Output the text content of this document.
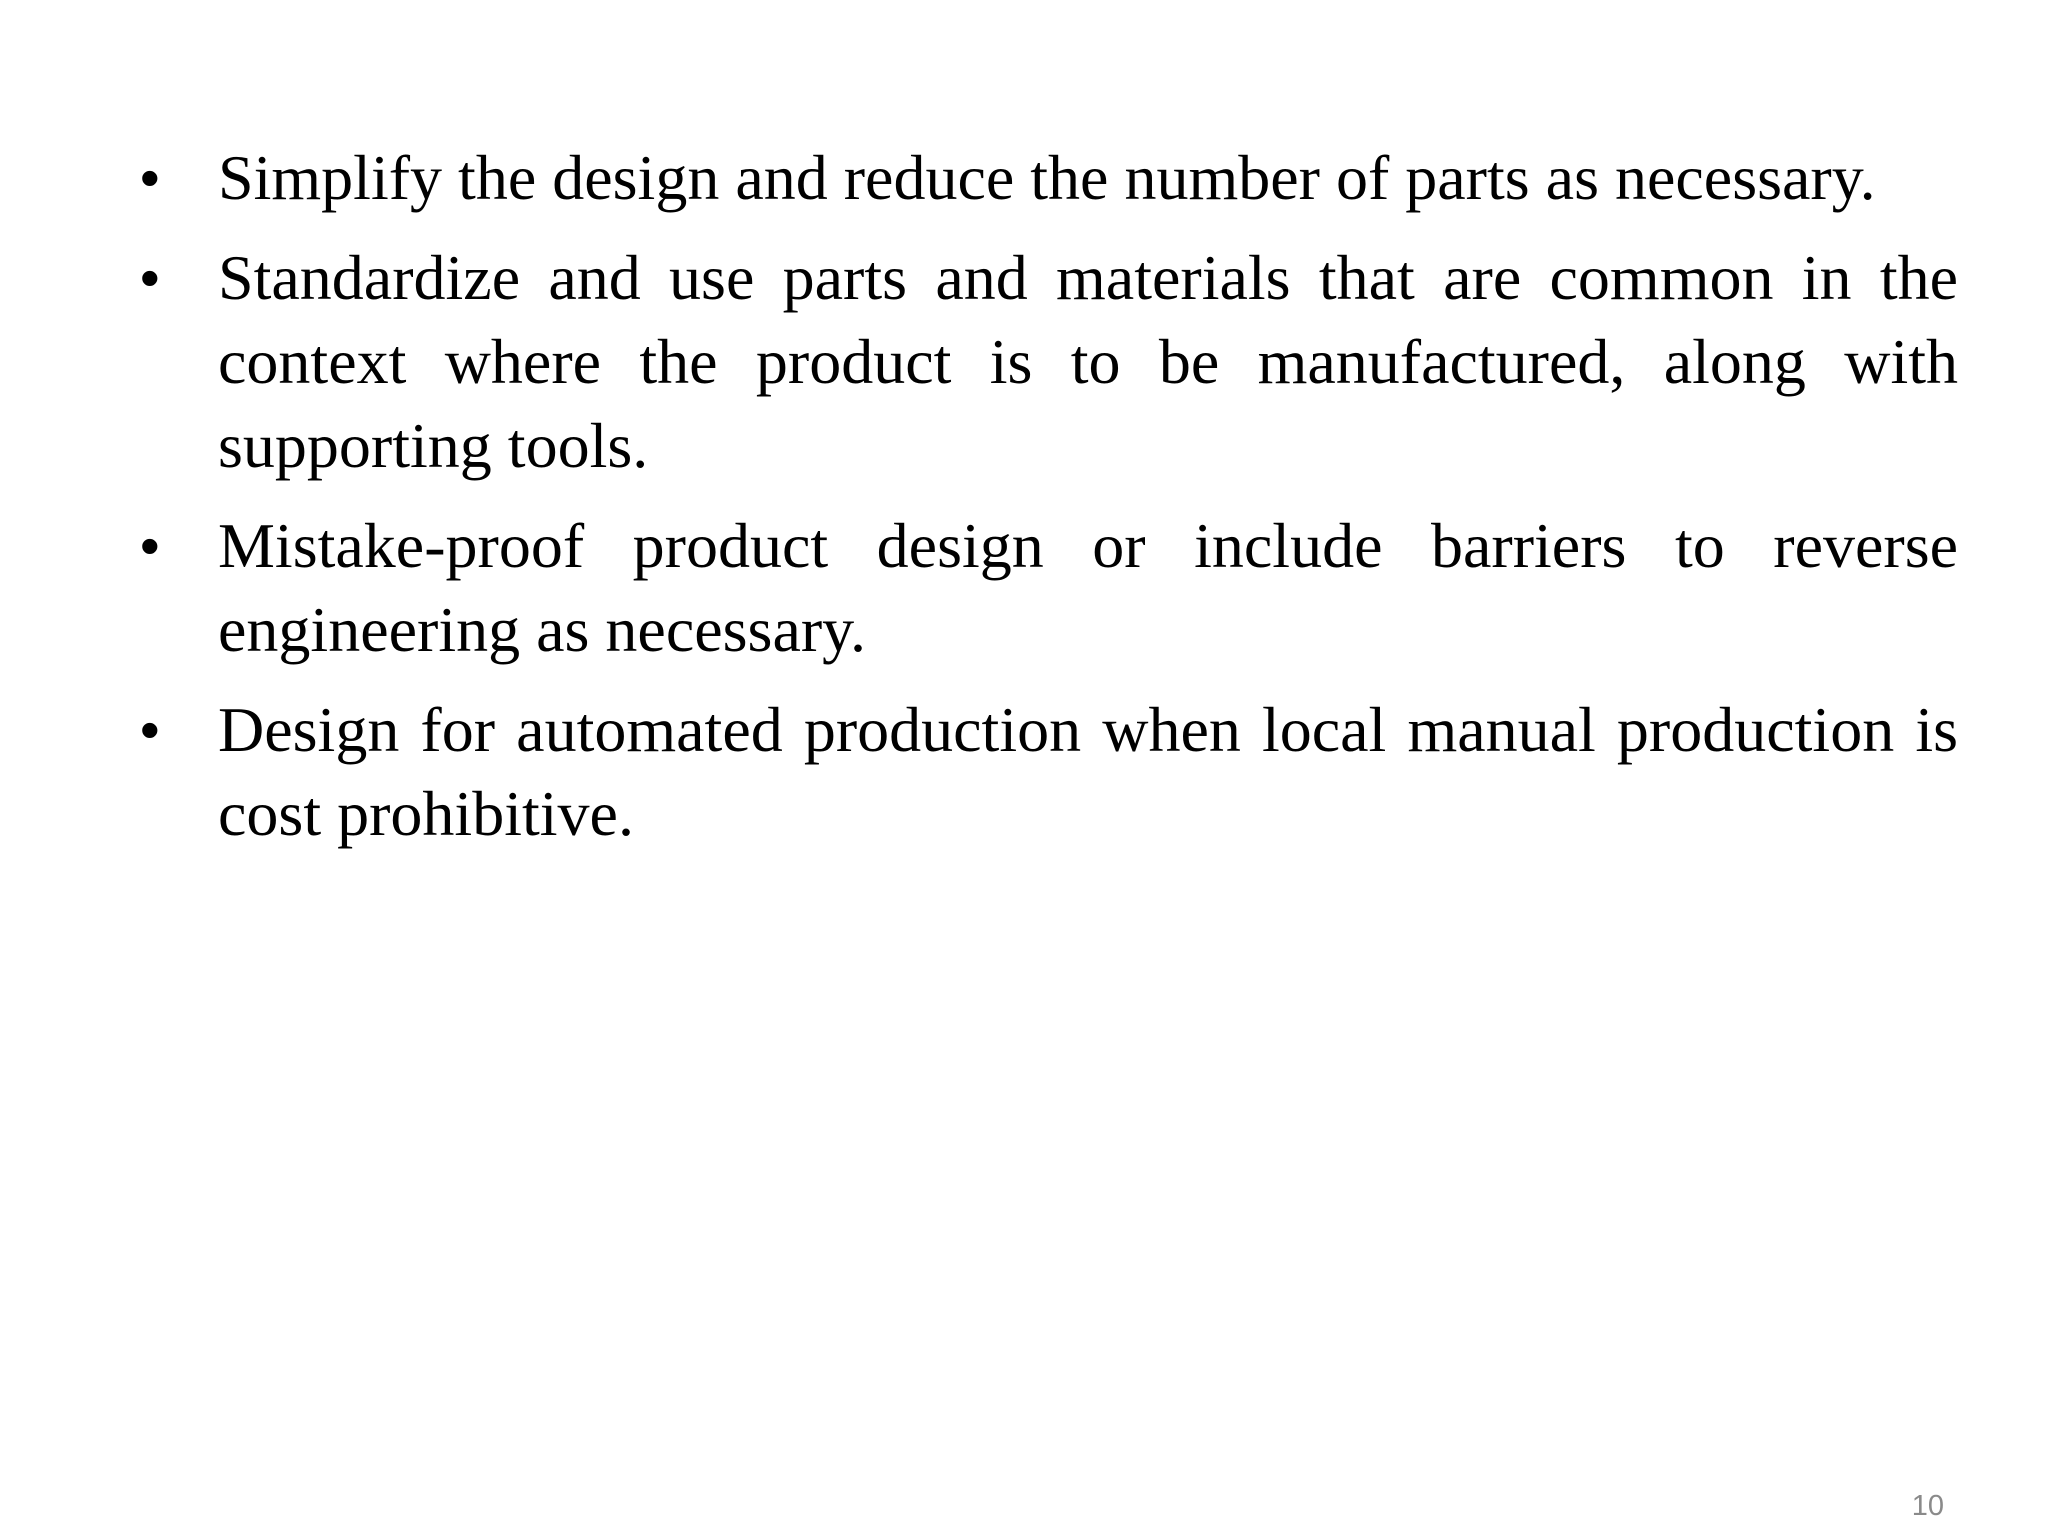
• Simplify the design and reduce the number of parts as necessary.
• Standardize and use parts and materials that are common in the context where the product is to be manufactured, along with supporting tools.
• Mistake-proof product design or include barriers to reverse engineering as necessary.
• Design for automated production when local manual production is cost prohibitive.
10
